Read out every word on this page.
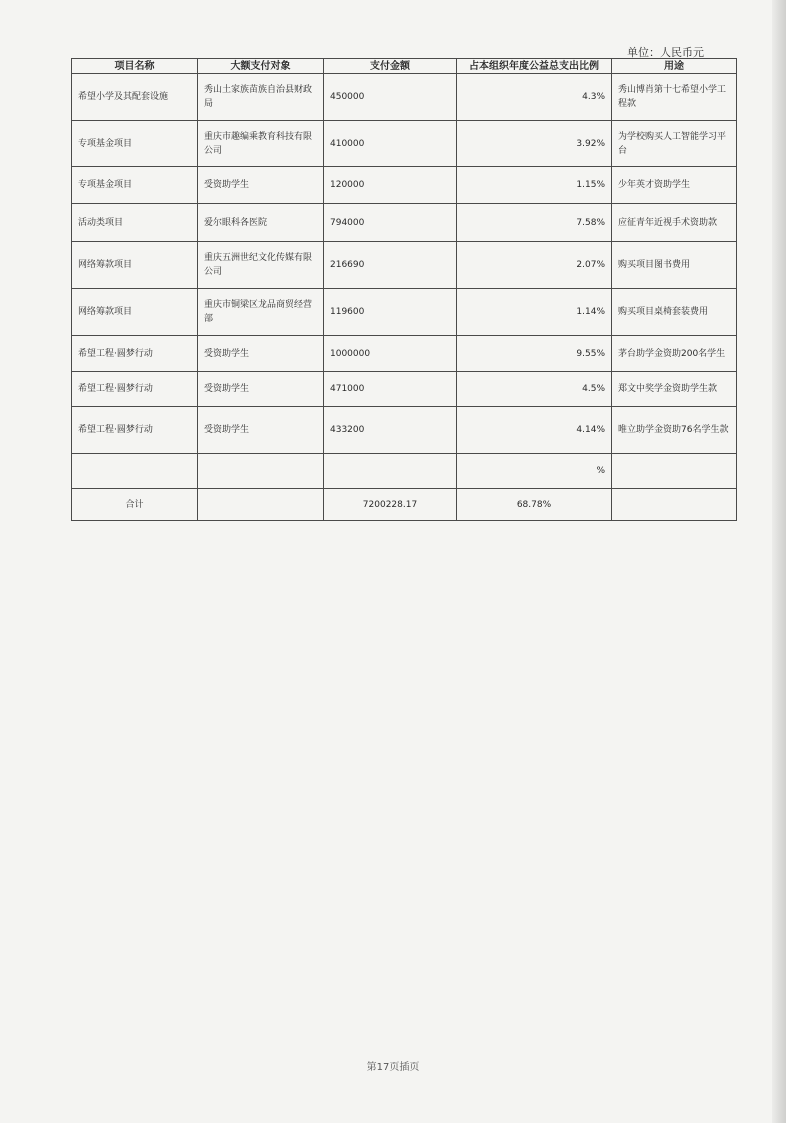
单位：人民币元
项目名称	大额支付对象	支付金额	占本组织年度公益总支出比例	用途
希望小学及其配套设施	秀山土家族苗族自治县财政局	450000	4.3%	秀山博肖第十七希望小学工程款
专项基金项目	重庆市趣编乘教育科技有限公司	410000	3.92%	为学校购买人工智能学习平台
专项基金项目	受资助学生	120000	1.15%	少年英才资助学生
活动类项目	爱尔眼科各医院	794000	7.58%	应征青年近视手术资助款
网络筹款项目	重庆五洲世纪文化传媒有限公司	216690	2.07%	购买项目图书费用
网络筹款项目	重庆市铜梁区龙品商贸经营部	119600	1.14%	购买项目桌椅套装费用
希望工程·圆梦行动	受资助学生	1000000	9.55%	茅台助学金资助200名学生
希望工程·圆梦行动	受资助学生	471000	4.5%	郑文中奖学金资助学生款
希望工程·圆梦行动	受资助学生	433200	4.14%	唯立助学金资助76名学生款
			%	
合计		7200228.17	68.78%	
第17页插页
